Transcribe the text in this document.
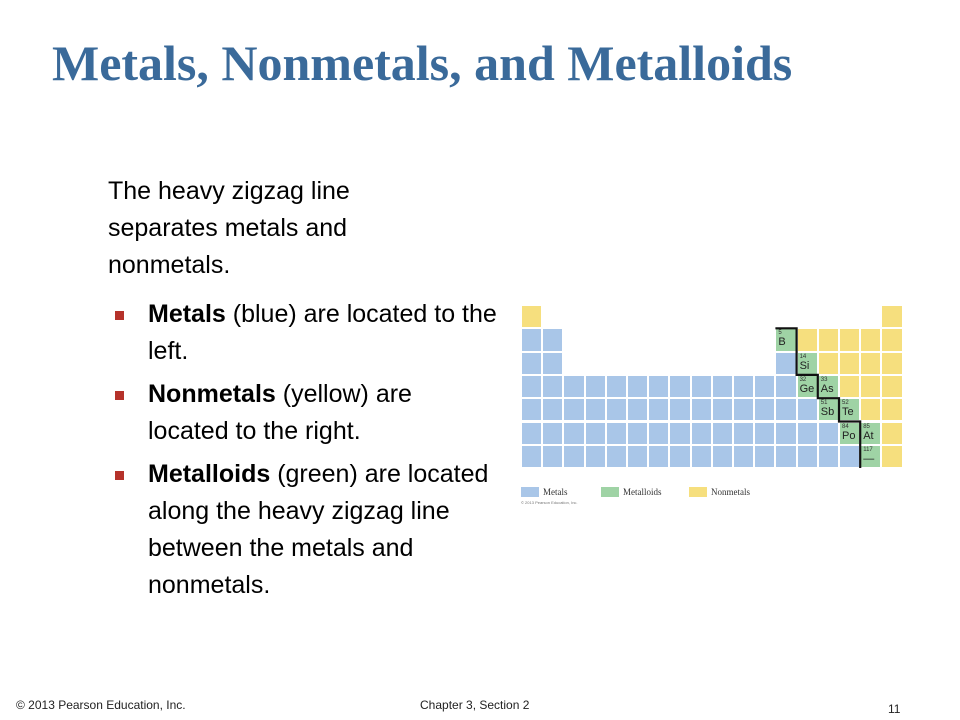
Metals, Nonmetals, and Metalloids

The heavy zigzag line separates metals and nonmetals.

Metals (blue) are located to the left.
Nonmetals (yellow) are located to the right.
Metalloids (green) are located along the heavy zigzag line between the metals and nonmetals.
5
B
14
Si
32
Ge
33
As
51
Sb
52
Te
84
Po
85
At
117
—
Metals	Metalloids	Nonmetals
© 2013 Pearson Education, Inc.
© 2013 Pearson Education, Inc.	Chapter 3, Section 2	11
